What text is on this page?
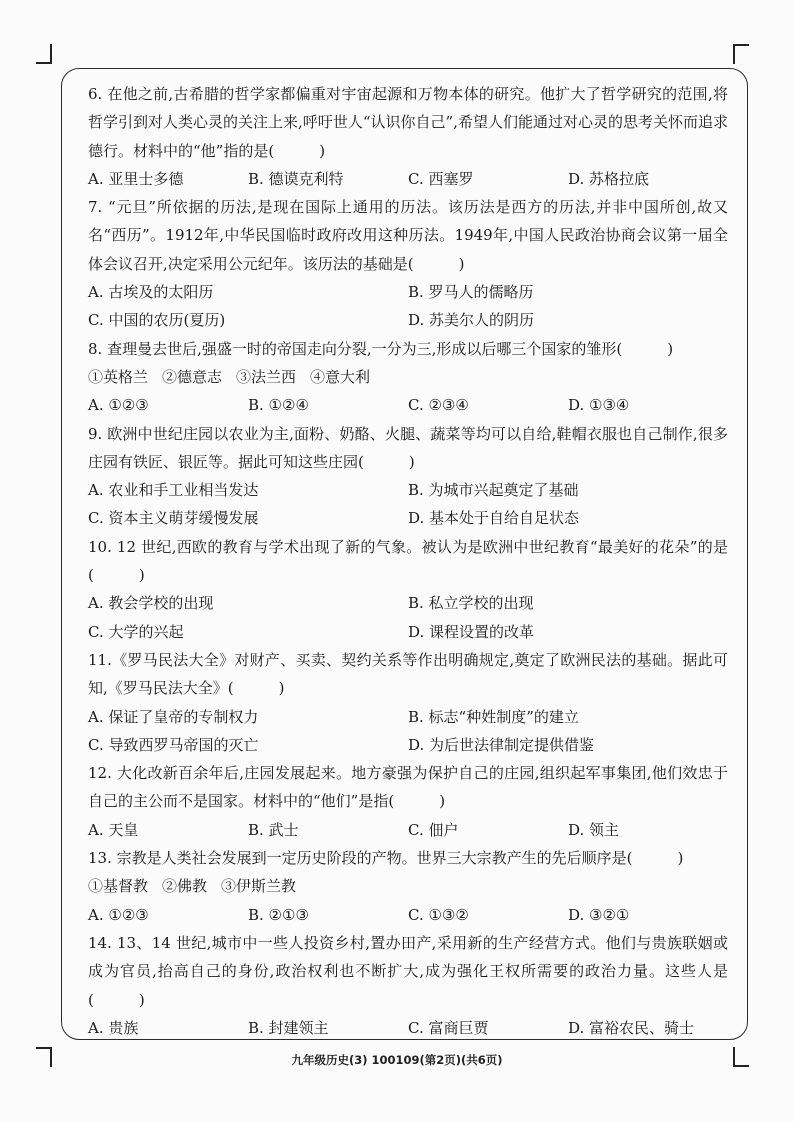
6. 在他之前,古希腊的哲学家都偏重对宇宙起源和万物本体的研究。他扩大了哲学研究的范围,将哲学引到对人类心灵的关注上来,呼吁世人“认识你自己”,希望人们能通过对心灵的思考关怀而追求德行。材料中的“他”指的是(　　　)

A. 亚里士多德	B. 德谟克利特	C. 西塞罗	D. 苏格拉底

7. “元旦”所依据的历法,是现在国际上通用的历法。该历法是西方的历法,并非中国所创,故又名“西历”。1912年,中华民国临时政府改用这种历法。1949年,中国人民政治协商会议第一届全体会议召开,决定采用公元纪年。该历法的基础是(　　　)

A. 古埃及的太阳历	B. 罗马人的儒略历
C. 中国的农历(夏历)	D. 苏美尔人的阴历

8. 查理曼去世后,强盛一时的帝国走向分裂,一分为三,形成以后哪三个国家的雏形(　　　)

①英格兰 ②德意志 ③法兰西 ④意大利

A. ①②③	B. ①②④	C. ②③④	D. ①③④

9. 欧洲中世纪庄园以农业为主,面粉、奶酪、火腿、蔬菜等均可以自给,鞋帽衣服也自己制作,很多庄园有铁匠、银匠等。据此可知这些庄园(　　　)

A. 农业和手工业相当发达	B. 为城市兴起奠定了基础
C. 资本主义萌芽缓慢发展	D. 基本处于自给自足状态

10. 12 世纪,西欧的教育与学术出现了新的气象。被认为是欧洲中世纪教育“最美好的花朵”的是(　　　)

A. 教会学校的出现	B. 私立学校的出现
C. 大学的兴起	D. 课程设置的改革

11.《罗马民法大全》对财产、买卖、契约关系等作出明确规定,奠定了欧洲民法的基础。据此可知,《罗马民法大全》(　　　)

A. 保证了皇帝的专制权力	B. 标志“种姓制度”的建立
C. 导致西罗马帝国的灭亡	D. 为后世法律制定提供借鉴

12. 大化改新百余年后,庄园发展起来。地方豪强为保护自己的庄园,组织起军事集团,他们效忠于自己的主公而不是国家。材料中的“他们”是指(　　　)

A. 天皇	B. 武士	C. 佃户	D. 领主

13. 宗教是人类社会发展到一定历史阶段的产物。世界三大宗教产生的先后顺序是(　　　)

①基督教 ②佛教 ③伊斯兰教

A. ①②③	B. ②①③	C. ①③②	D. ③②①

14. 13、14 世纪,城市中一些人投资乡村,置办田产,采用新的生产经营方式。他们与贵族联姻或成为官员,抬高自己的身份,政治权利也不断扩大,成为强化王权所需要的政治力量。这些人是(　　　)

A. 贵族	B. 封建领主	C. 富商巨贾	D. 富裕农民、骑士
九年级历史(3) 100109(第2页)(共6页)
